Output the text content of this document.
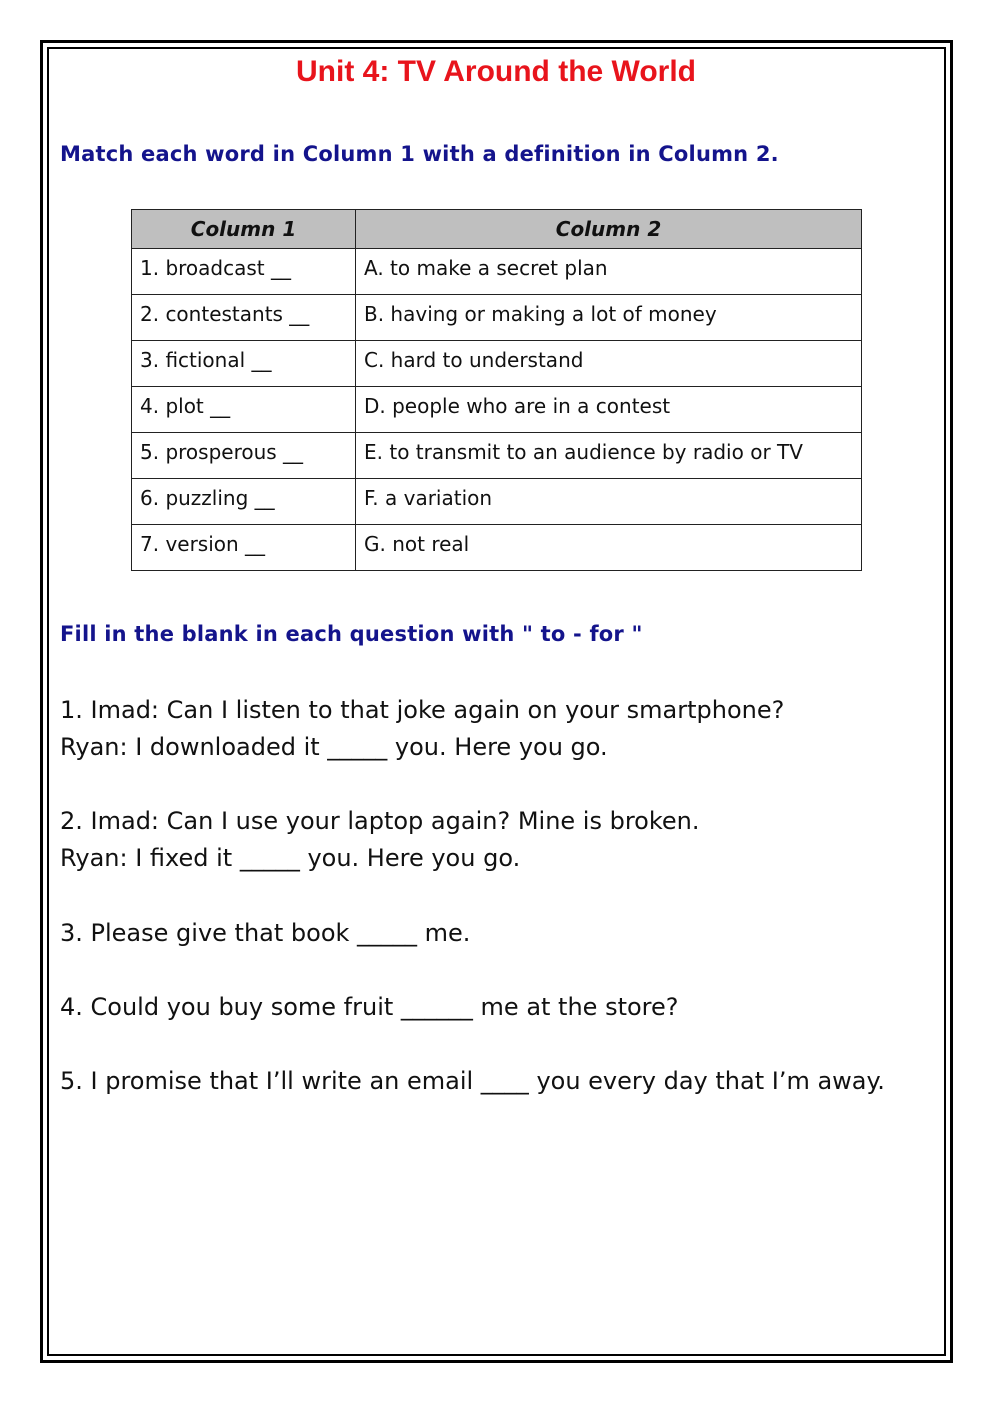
Unit 4: TV Around the World
Match each word in Column 1 with a definition in Column 2.
Column 1	Column 2
1. broadcast __	A. to make a secret plan
2. contestants __	B. having or making a lot of money
3. fictional __	C. hard to understand
4. plot __	D. people who are in a contest
5. prosperous __	E. to transmit to an audience by radio or TV
6. puzzling __	F. a variation
7. version __	G. not real
Fill in the blank in each question with " to - for "
1. Imad: Can I listen to that joke again on your smartphone?
Ryan: I downloaded it _____ you. Here you go.
2. Imad: Can I use your laptop again? Mine is broken.
Ryan: I fixed it _____ you. Here you go.
3. Please give that book _____ me.
4. Could you buy some fruit ______ me at the store?
5. I promise that I’ll write an email ____ you every day that I’m away.
